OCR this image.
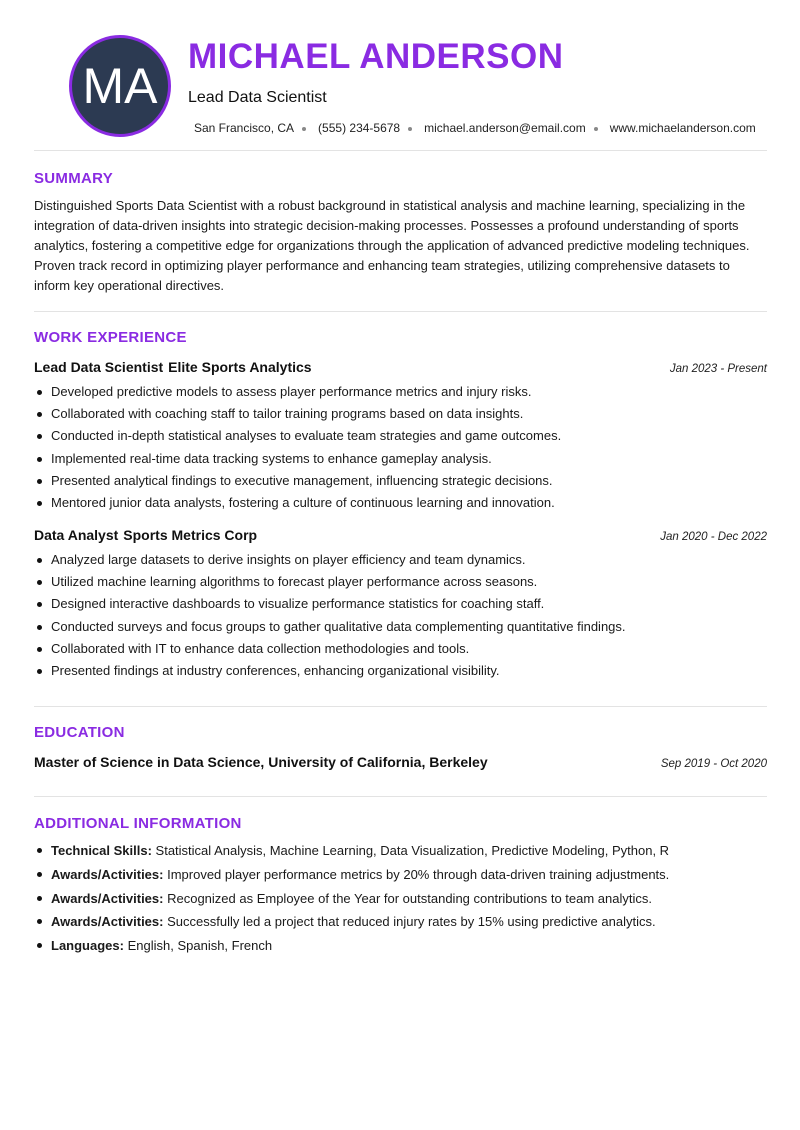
MA
MICHAEL ANDERSON
Lead Data Scientist
San Francisco, CA (555) 234-5678 michael.anderson@email.com www.michaelanderson.com
SUMMARY

Distinguished Sports Data Scientist with a robust background in statistical analysis and machine learning, specializing in the integration of data-driven insights into strategic decision-making processes. Possesses a profound understanding of sports analytics, fostering a competitive edge for organizations through the application of advanced predictive modeling techniques. Proven track record in optimizing player performance and enhancing team strategies, utilizing comprehensive datasets to inform key operational directives.

WORK EXPERIENCE
Lead Data Scientist Elite Sports Analytics	Jan 2023 - Present
Developed predictive models to assess player performance metrics and injury risks.
Collaborated with coaching staff to tailor training programs based on data insights.
Conducted in-depth statistical analyses to evaluate team strategies and game outcomes.
Implemented real-time data tracking systems to enhance gameplay analysis.
Presented analytical findings to executive management, influencing strategic decisions.
Mentored junior data analysts, fostering a culture of continuous learning and innovation.
Data Analyst Sports Metrics Corp	Jan 2020 - Dec 2022
Analyzed large datasets to derive insights on player efficiency and team dynamics.
Utilized machine learning algorithms to forecast player performance across seasons.
Designed interactive dashboards to visualize performance statistics for coaching staff.
Conducted surveys and focus groups to gather qualitative data complementing quantitative findings.
Collaborated with IT to enhance data collection methodologies and tools.
Presented findings at industry conferences, enhancing organizational visibility.
EDUCATION
Master of Science in Data Science, University of California, Berkeley	Sep 2019 - Oct 2020
ADDITIONAL INFORMATION
Technical Skills: Statistical Analysis, Machine Learning, Data Visualization, Predictive Modeling, Python, R
Awards/Activities: Improved player performance metrics by 20% through data-driven training adjustments.
Awards/Activities: Recognized as Employee of the Year for outstanding contributions to team analytics.
Awards/Activities: Successfully led a project that reduced injury rates by 15% using predictive analytics.
Languages: English, Spanish, French
